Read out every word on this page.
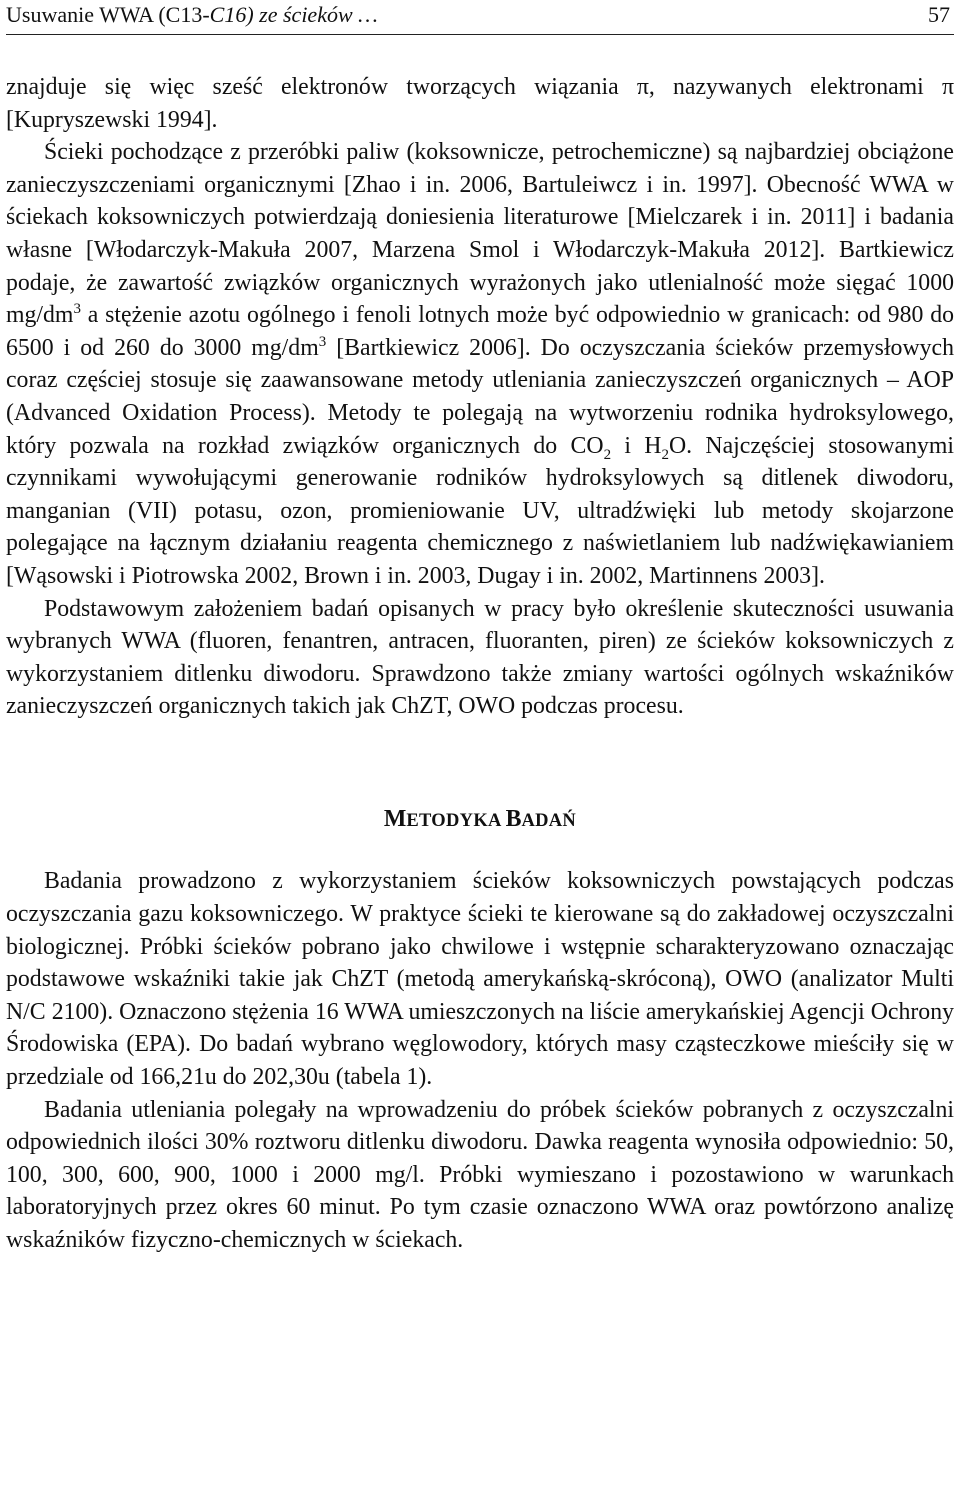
Usuwanie WWA (C13-C16) ze ścieków …	57

znajduje się więc sześć elektronów tworzących wiązania π, nazywanych elektronami π [Kupryszewski 1994].

Ścieki pochodzące z przeróbki paliw (koksownicze, petrochemiczne) są najbardziej obciążone zanieczyszczeniami organicznymi [Zhao i in. 2006, Bartuleiwcz i in. 1997]. Obecność WWA w ściekach koksowniczych potwierdzają doniesienia literaturowe [Mielczarek i in. 2011] i badania własne [Włodarczyk-Makuła 2007, Marzena Smol i Włodarczyk-Makuła 2012]. Bartkiewicz podaje, że zawartość związków organicznych wyrażonych jako utlenialność może sięgać 1000 $mg/dm^3$ a stężenie azotu ogólnego i fenoli lotnych może być odpowiednio w granicach: od 980 do 6500 i od 260 do 3000 $mg/dm^3$ [Bartkiewicz 2006]. Do oczyszczania ścieków przemysłowych coraz częściej stosuje się zaawansowane metody utleniania zanieczyszczeń organicznych – AOP (Advanced Oxidation Process). Metody te polegają na wytworzeniu rodnika hydroksylowego, który pozwala na rozkład związków organicznych do $CO_2$ i $H_2O$. Najczęściej stosowanymi czynnikami wywołującymi generowanie rodników hydroksylowych są ditlenek diwodoru, manganian (VII) potasu, ozon, promieniowanie UV, ultradźwięki lub metody skojarzone polegające na łącznym działaniu reagenta chemicznego z naświetlaniem lub nadźwiękawianiem [Wąsowski i Piotrowska 2002, Brown i in. 2003, Dugay i in. 2002, Martinnens 2003].

Podstawowym założeniem badań opisanych w pracy było określenie skuteczności usuwania wybranych WWA (fluoren, fenantren, antracen, fluoranten, piren) ze ścieków koksowniczych z wykorzystaniem ditlenku diwodoru. Sprawdzono także zmiany wartości ogólnych wskaźników zanieczyszczeń organicznych takich jak ChZT, OWO podczas procesu.

METODYKA BADAŃ

Badania prowadzono z wykorzystaniem ścieków koksowniczych powstających podczas oczyszczania gazu koksowniczego. W praktyce ścieki te kierowane są do zakładowej oczyszczalni biologicznej. Próbki ścieków pobrano jako chwilowe i wstępnie scharakteryzowano oznaczając podstawowe wskaźniki takie jak ChZT (metodą amerykańską-skróconą), OWO (analizator Multi N/C 2100). Oznaczono stężenia 16 WWA umieszczonych na liście amerykańskiej Agencji Ochrony Środowiska (EPA). Do badań wybrano węglowodory, których masy cząsteczkowe mieściły się w przedziale od 166,21u do 202,30u (tabela 1).

Badania utleniania polegały na wprowadzeniu do próbek ścieków pobranych z oczyszczalni odpowiednich ilości 30% roztworu ditlenku diwodoru. Dawka reagenta wynosiła odpowiednio: 50, 100, 300, 600, 900, 1000 i 2000 mg/l. Próbki wymieszano i pozostawiono w warunkach laboratoryjnych przez okres 60 minut. Po tym czasie oznaczono WWA oraz powtórzono analizę wskaźników fizyczno-chemicznych w ściekach.
